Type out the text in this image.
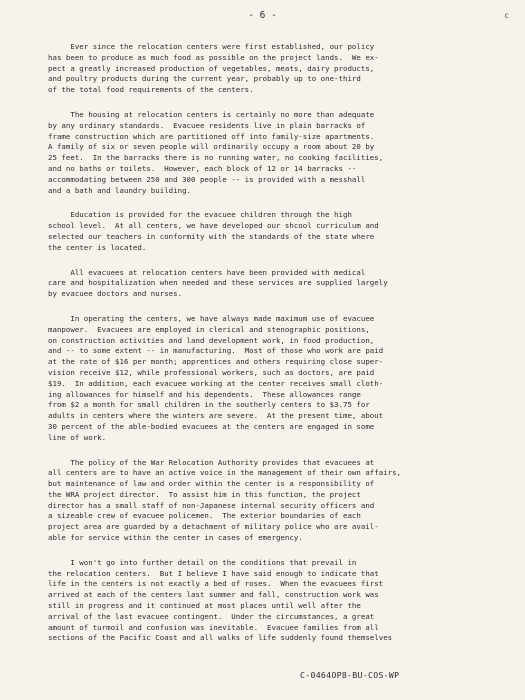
- 6 -	c

Ever since the relocation centers were first established, our policy
has been to produce as much food as possible on the project lands.  We ex-
pect a greatly increased production of vegetables, meats, dairy products,
and poultry products during the current year, probably up to one-third
of the total food requirements of the centers.

The housing at relocation centers is certainly no more than adequate
by any ordinary standards.  Evacuee residents live in plain barracks of
frame construction which are partitioned off into family-size apartments.
A family of six or seven people will ordinarily occupy a room about 20 by
25 feet.  In the barracks there is no running water, no cooking facilities,
and no baths or toilets.  However, each block of 12 or 14 barracks --
accommodating between 250 and 300 people -- is provided with a messhall
and a bath and laundry building.

Education is provided for the evacuee children through the high
school level.  At all centers, we have developed our shcool curriculum and
selected our teachers in conformity with the standards of the state where
the center is located.

All evacuees at relocation centers have been provided with medical
care and hospitalization when needed and these services are supplied largely
by evacuee doctors and nurses.

In operating the centers, we have always made maximum use of evacuee
manpower.  Evacuees are employed in clerical and stenographic positions,
on construction activities and land development work, in food production,
and -- to some extent -- in manufacturing.  Most of those who work are paid
at the rate of $16 per month; apprentices and others requiring close super-
vision receive $12, while professional workers, such as doctors, are paid
$19.  In addition, each evacuee working at the center receives small cloth-
ing allowances for himself and his dependents.  These allowances range
from $2 a month for small children in the southerly centers to $3.75 for
adults in centers where the winters are severe.  At the present time, about
30 percent of the able-bodied evacuees at the centers are engaged in some
line of work.

The policy of the War Relocation Authority provides that evacuees at
all centers are to have an active voice in the management of their own affairs,
but maintenance of law and order within the center is a responsibility of
the WRA project director.  To assist him in this function, the project
director has a small staff of non-Japanese internal security officers and
a sizeable crew of evacuee policemen.  The exterior boundaries of each
project area are guarded by a detachment of military police who are avail-
able for service within the center in cases of emergency.

I won't go into further detail on the conditions that prevail in
the relocation centers.  But I believe I have said enough to indicate that
life in the centers is not exactly a bed of roses.  When the evacuees first
arrived at each of the centers last summer and fall, construction work was
still in progress and it continued at most places until well after the
arrival of the last evacuee contingent.  Under the circumstances, a great
amount of turmoil and confusion was inevitable.  Evacuee families from all
sections of the Pacific Coast and all walks of life suddenly found themselves

C-0464OP8-BU-COS-WP
